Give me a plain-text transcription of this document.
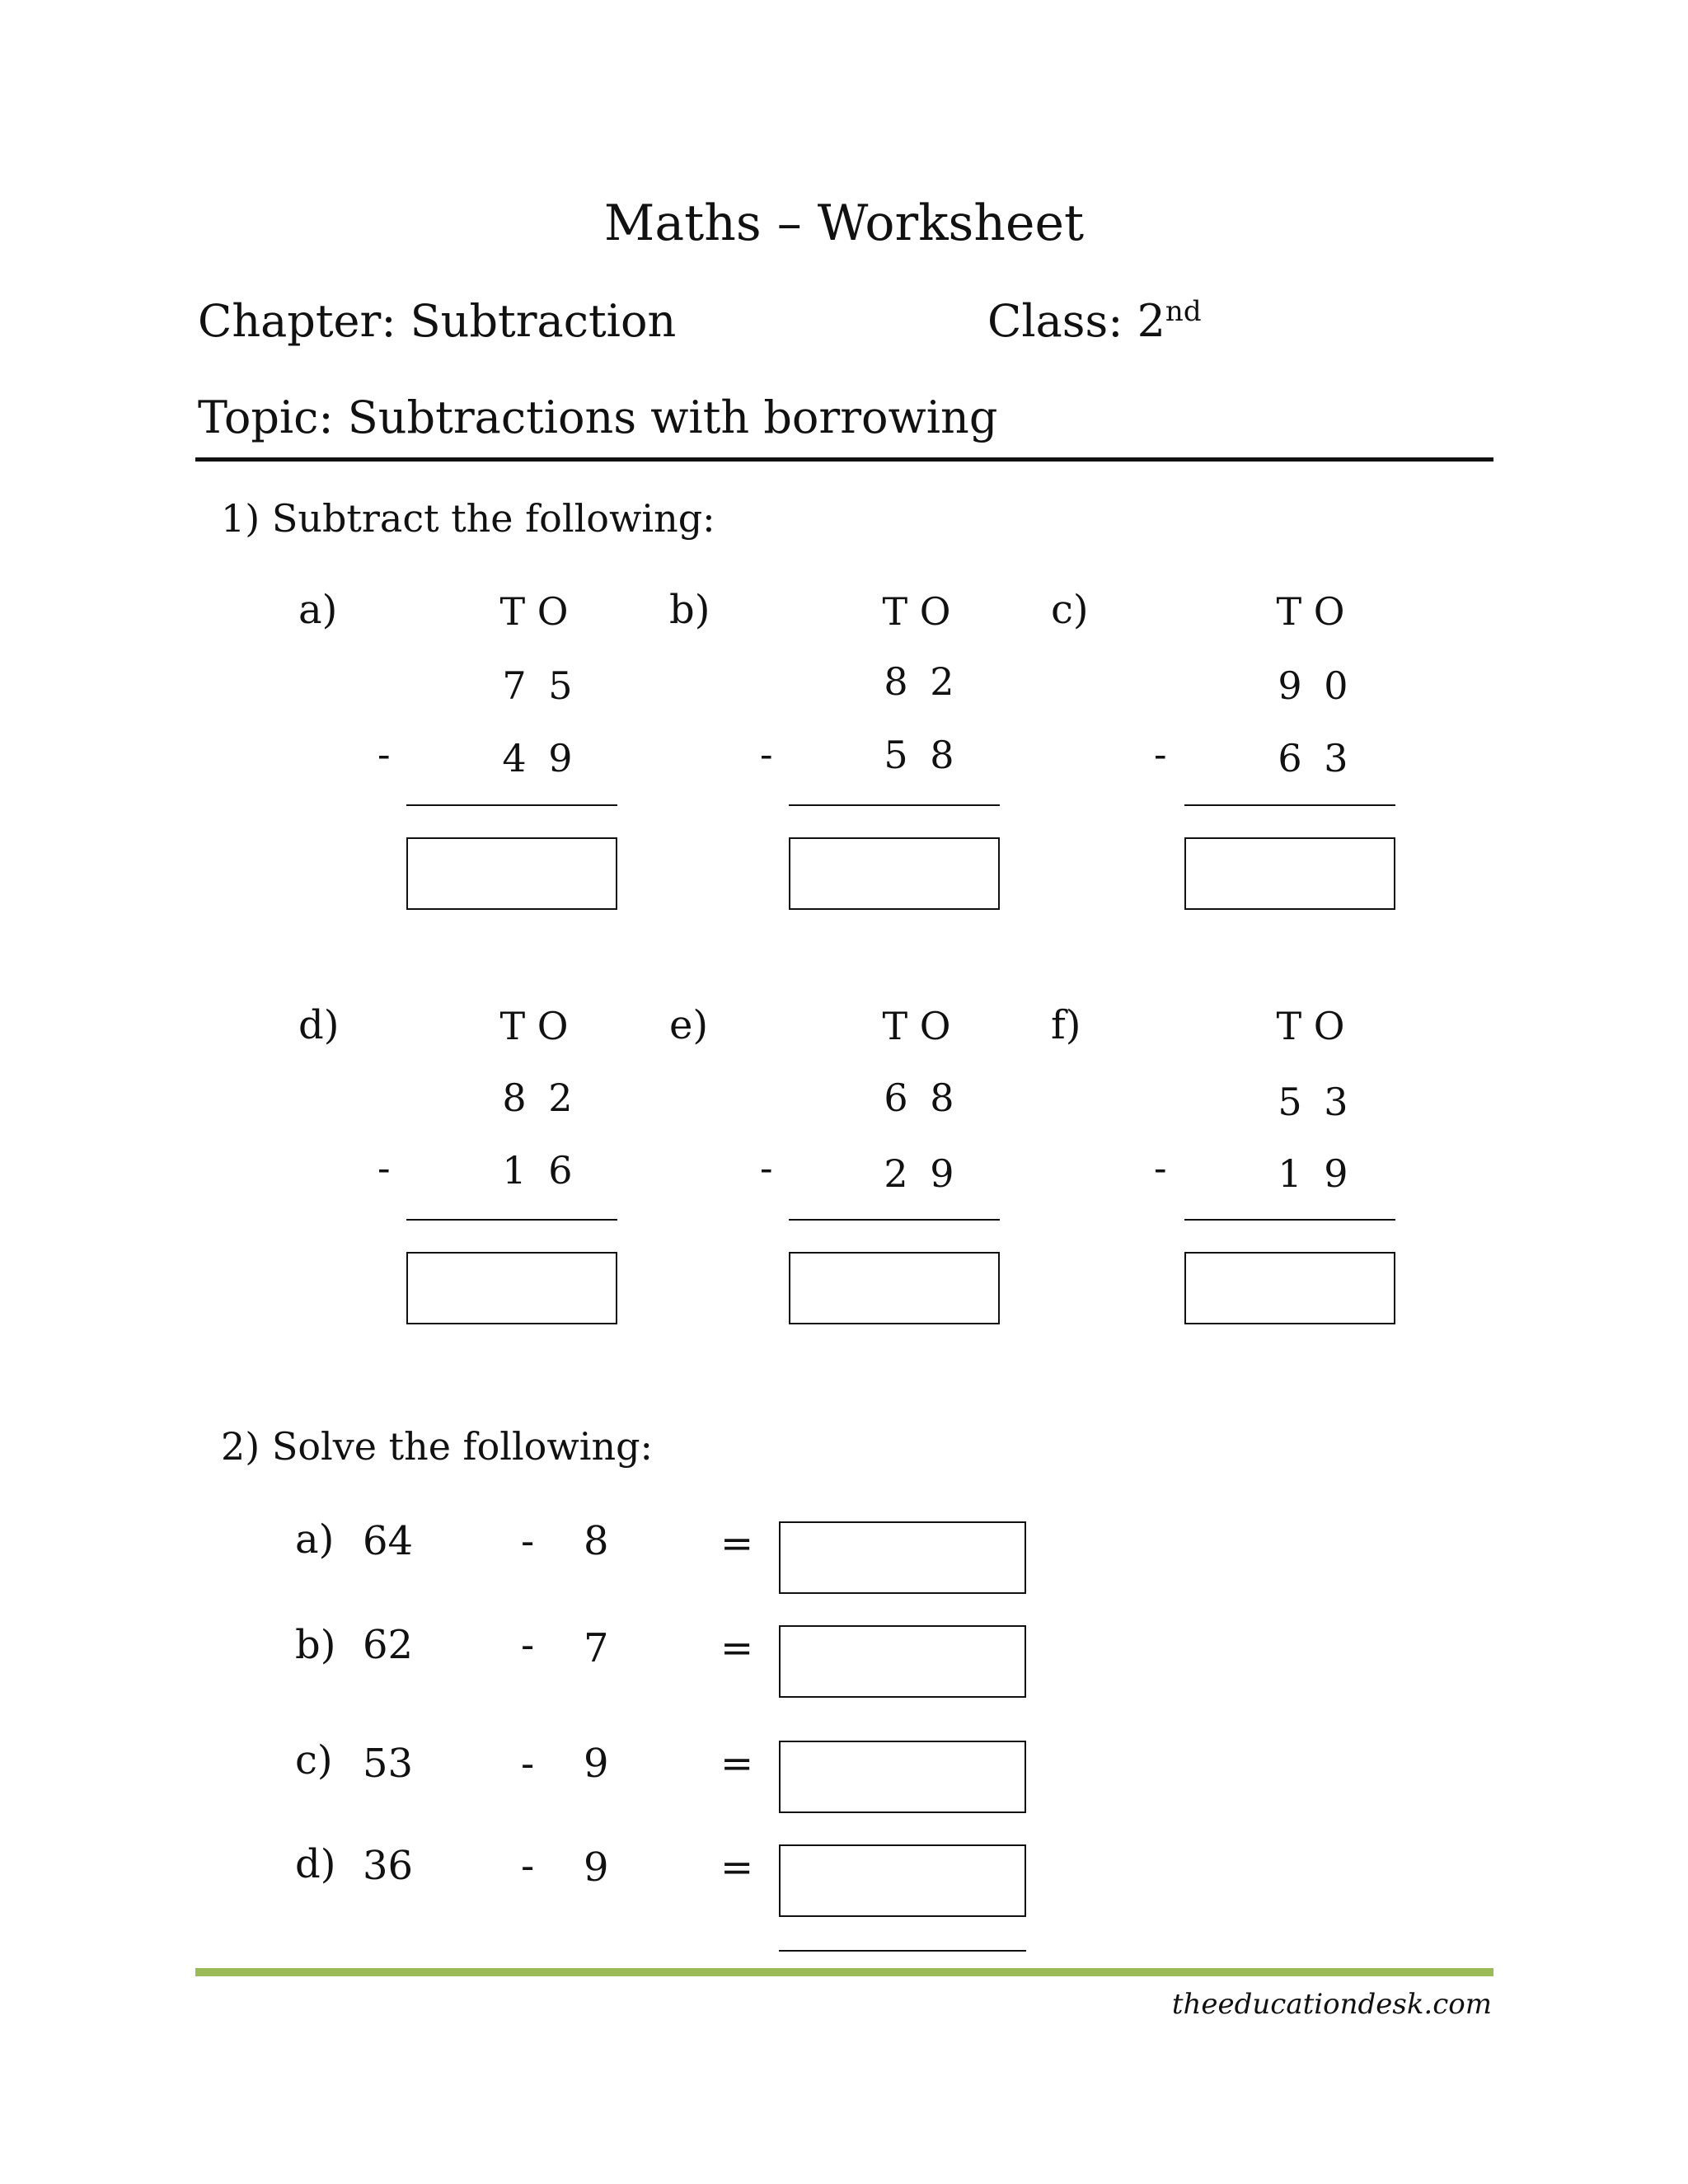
Maths – Worksheet
Chapter: Subtraction	Class: 2nd
Topic: Subtractions with borrowing
1) Subtract the following:
a)	T O
7 5
-	4 9
b)	T O
8 2
-	5 8
c)	T O
9 0
-	6 3
d)	T O
8 2
-	1 6
e)	T O
6 8
-	2 9
f)	T O
5 3
-	1 9
2) Solve the following:
a) 64	- 8	=
b) 62	- 7	=
c) 53	- 9	=
d) 36	- 9	=
theeducationdesk.com
